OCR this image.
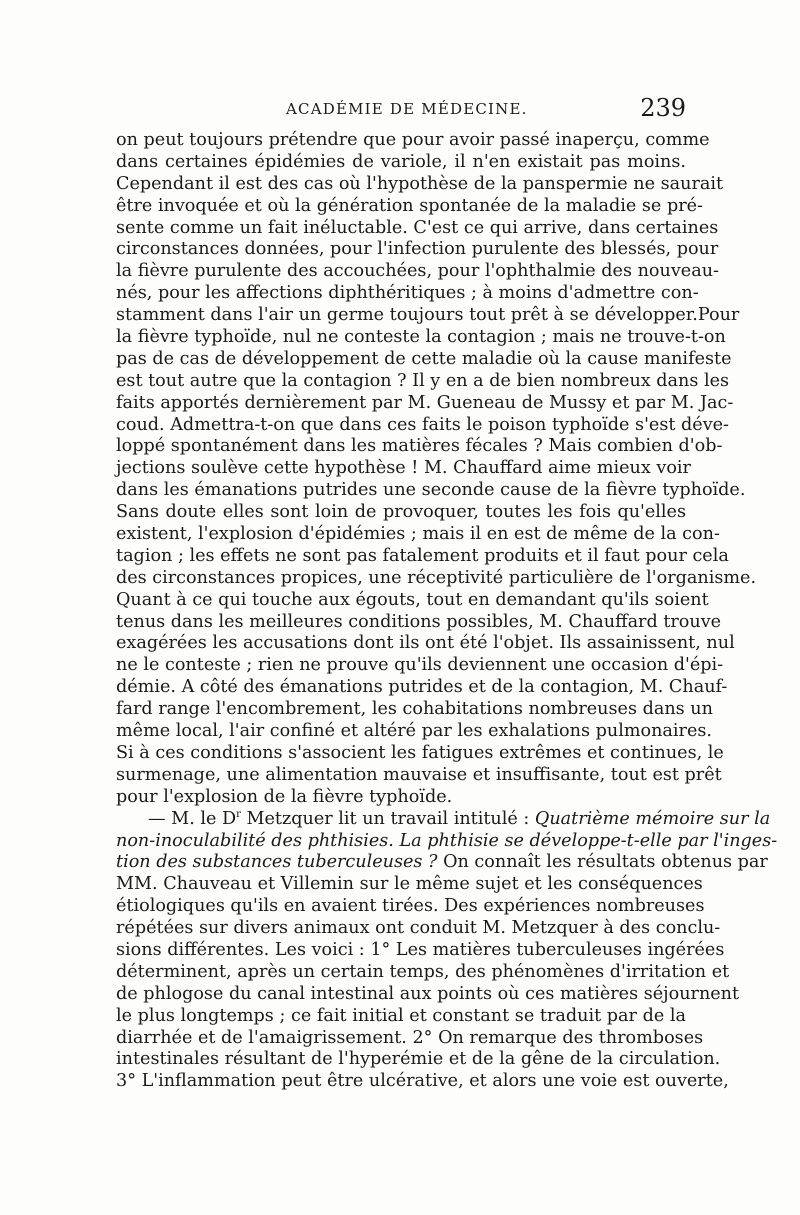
ACADÉMIE DE MÉDECINE.	239
on peut toujours prétendre que pour avoir passé inaperçu, comme
dans certaines épidémies de variole, il n'en existait pas moins.
Cependant il est des cas où l'hypothèse de la panspermie ne saurait
être invoquée et où la génération spontanée de la maladie se pré-
sente comme un fait inéluctable. C'est ce qui arrive, dans certaines
circonstances données, pour l'infection purulente des blessés, pour
la fièvre purulente des accouchées, pour l'ophthalmie des nouveau-
nés, pour les affections diphthéritiques ; à moins d'admettre con-
stamment dans l'air un germe toujours tout prêt à se développer.Pour
la fièvre typhoïde, nul ne conteste la contagion ; mais ne trouve-t-on
pas de cas de développement de cette maladie où la cause manifeste
est tout autre que la contagion ? Il y en a de bien nombreux dans les
faits apportés dernièrement par M. Gueneau de Mussy et par M. Jac-
coud. Admettra-t-on que dans ces faits le poison typhoïde s'est déve-
loppé spontanément dans les matières fécales ? Mais combien d'ob-
jections soulève cette hypothèse ! M. Chauffard aime mieux voir
dans les émanations putrides une seconde cause de la fièvre typhoïde.
Sans doute elles sont loin de provoquer, toutes les fois qu'elles
existent, l'explosion d'épidémies ; mais il en est de même de la con-
tagion ; les effets ne sont pas fatalement produits et il faut pour cela
des circonstances propices, une réceptivité particulière de l'organisme.
Quant à ce qui touche aux égouts, tout en demandant qu'ils soient
tenus dans les meilleures conditions possibles, M. Chauffard trouve
exagérées les accusations dont ils ont été l'objet. Ils assainissent, nul
ne le conteste ; rien ne prouve qu'ils deviennent une occasion d'épi-
démie. A côté des émanations putrides et de la contagion, M. Chauf-
fard range l'encombrement, les cohabitations nombreuses dans un
même local, l'air confiné et altéré par les exhalations pulmonaires.
Si à ces conditions s'associent les fatigues extrêmes et continues, le
surmenage, une alimentation mauvaise et insuffisante, tout est prêt
pour l'explosion de la fièvre typhoïde.
— M. le $D^r$ Metzquer lit un travail intitulé : Quatrième mémoire sur la
non-inoculabilité des phthisies. La phthisie se développe-t-elle par l'inges-
tion des substances tuberculeuses ? On connaît les résultats obtenus par
MM. Chauveau et Villemin sur le même sujet et les conséquences
étiologiques qu'ils en avaient tirées. Des expériences nombreuses
répétées sur divers animaux ont conduit M. Metzquer à des conclu-
sions différentes. Les voici : 1° Les matières tuberculeuses ingérées
déterminent, après un certain temps, des phénomènes d'irritation et
de phlogose du canal intestinal aux points où ces matières séjournent
le plus longtemps ; ce fait initial et constant se traduit par de la
diarrhée et de l'amaigrissement. 2° On remarque des thromboses
intestinales résultant de l'hyperémie et de la gêne de la circulation.
3° L'inflammation peut être ulcérative, et alors une voie est ouverte,
